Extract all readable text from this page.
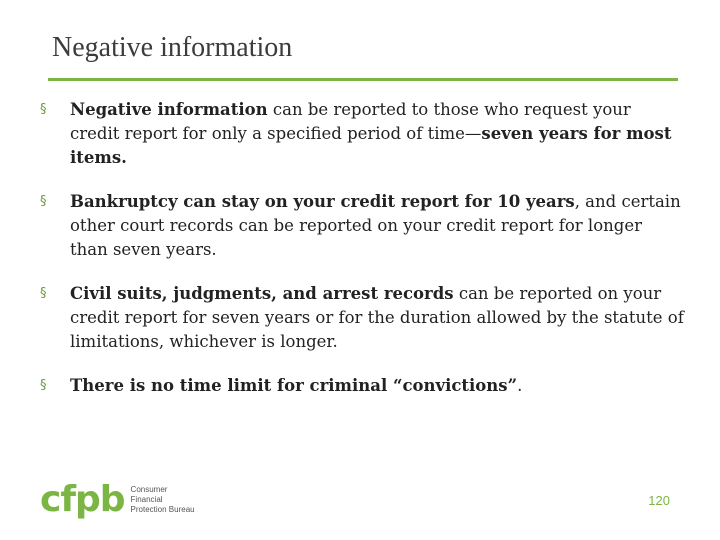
Negative information
§ Negative information can be reported to those who request your credit report for only a specified period of time—seven years for most items.
§ Bankruptcy can stay on your credit report for 10 years, and certain other court records can be reported on your credit report for longer than seven years.
§ Civil suits, judgments, and arrest records can be reported on your credit report for seven years or for the duration allowed by the statute of limitations, whichever is longer.
§ There is no time limit for criminal “convictions”.
cfpb Consumer Financial
Protection Bureau
120
